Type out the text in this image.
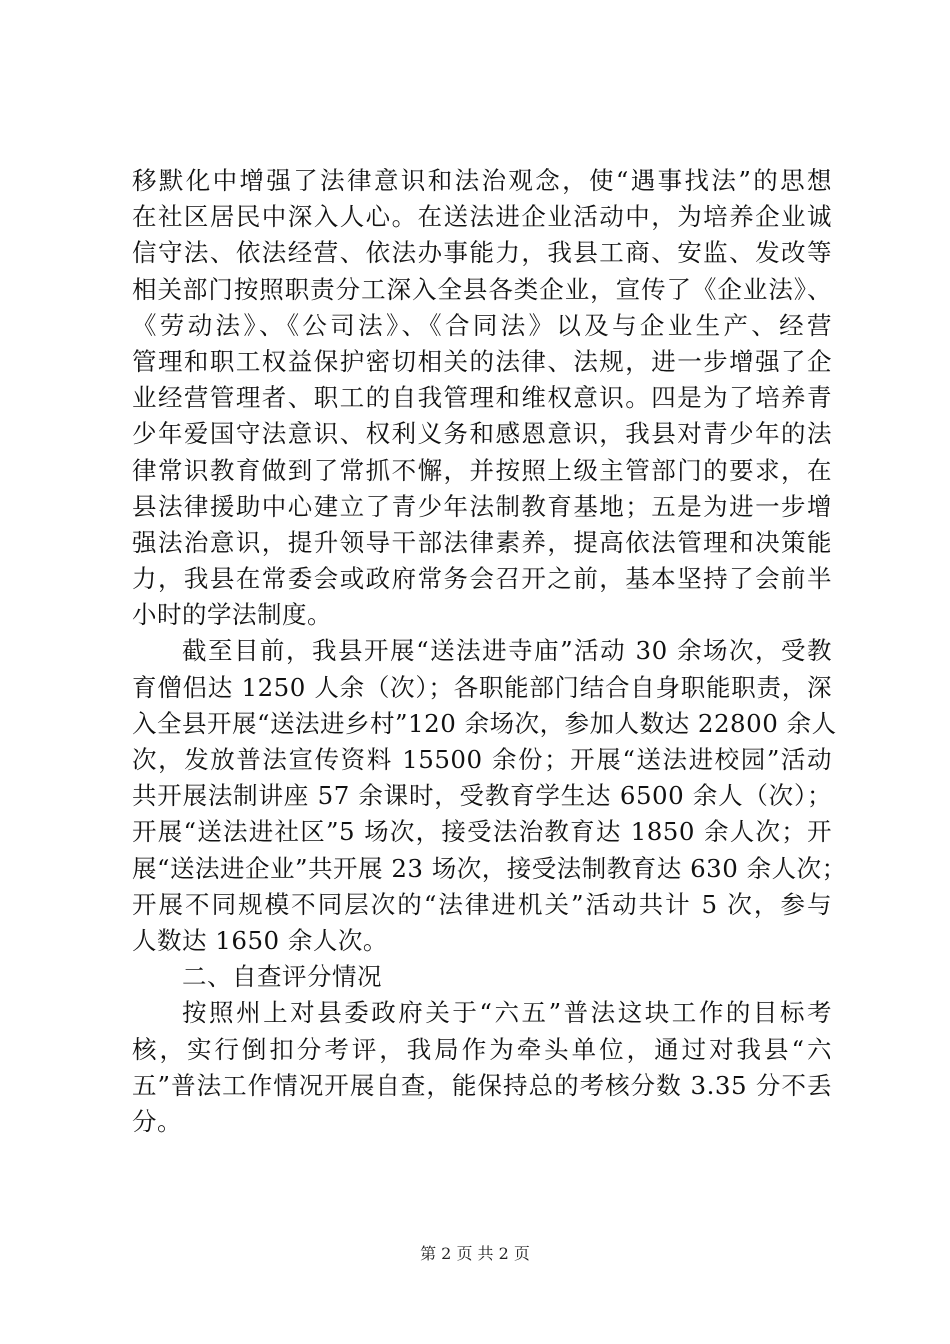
移默化中增强了法律意识和法治观念，使“遇事找法”的思想
在社区居民中深入人心。在送法进企业活动中，为培养企业诚
信守法、依法经营、依法办事能力，我县工商、安监、发改等
相关部门按照职责分工深入全县各类企业，宣传了《企业法》、
《劳动法》、《公司法》、《合同法》以及与企业生产、经营
管理和职工权益保护密切相关的法律、法规，进一步增强了企
业经营管理者、职工的自我管理和维权意识。四是为了培养青
少年爱国守法意识、权利义务和感恩意识，我县对青少年的法
律常识教育做到了常抓不懈，并按照上级主管部门的要求，在
县法律援助中心建立了青少年法制教育基地；五是为进一步增
强法治意识，提升领导干部法律素养，提高依法管理和决策能
力，我县在常委会或政府常务会召开之前，基本坚持了会前半
小时的学法制度。
截至目前，我县开展“送法进寺庙”活动 30 余场次，受教
育僧侣达 1250 人余（次）；各职能部门结合自身职能职责，深
入全县开展“送法进乡村”120 余场次，参加人数达 22800 余人
次，发放普法宣传资料 15500 余份；开展“送法进校园”活动
共开展法制讲座 57 余课时，受教育学生达 6500 余人（次）；
开展“送法进社区”5 场次，接受法治教育达 1850 余人次；开
展“送法进企业”共开展 23 场次，接受法制教育达 630 余人次；
开展不同规模不同层次的“法律进机关”活动共计 5 次，参与
人数达 1650 余人次。
二、自查评分情况
按照州上对县委政府关于“六五”普法这块工作的目标考
核，实行倒扣分考评，我局作为牵头单位，通过对我县“六
五”普法工作情况开展自查，能保持总的考核分数 3.35 分不丢
分。
第 2 页 共 2 页
